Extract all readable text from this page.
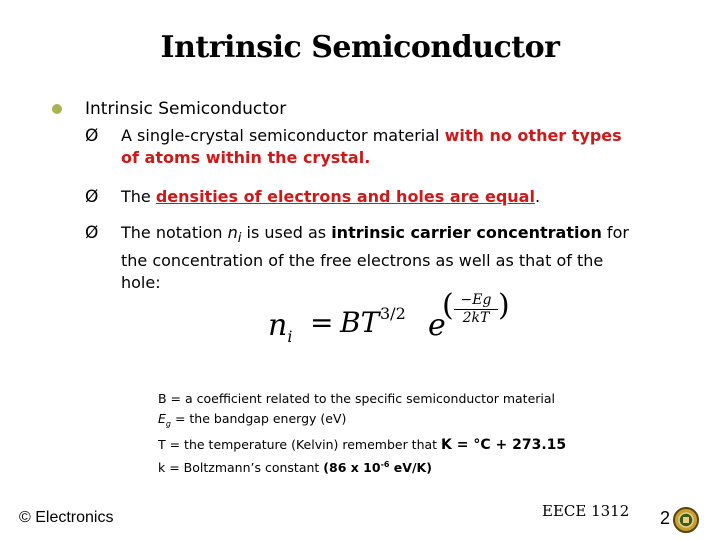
Intrinsic Semiconductor
Intrinsic Semiconductor
Ø	A single-crystal semiconductor material with no other types of atoms within the crystal.
Ø	The densities of electrons and holes are equal.
Ø	The notation $n_i$ is used as intrinsic carrier concentration for the concentration of the free electrons as well as that of the hole:
$n_i$ = BT 3/2 e
( $\frac{-Eg}{2kT}$ )
B = a coefficient related to the specific semiconductor material
$E_g$ = the bandgap energy (eV)
T = the temperature (Kelvin) remember that K = °C + 273.15
k = Boltzmann’s constant (86 x $10^{-6}$ eV/K)
© Electronics	EECE 1312 2
